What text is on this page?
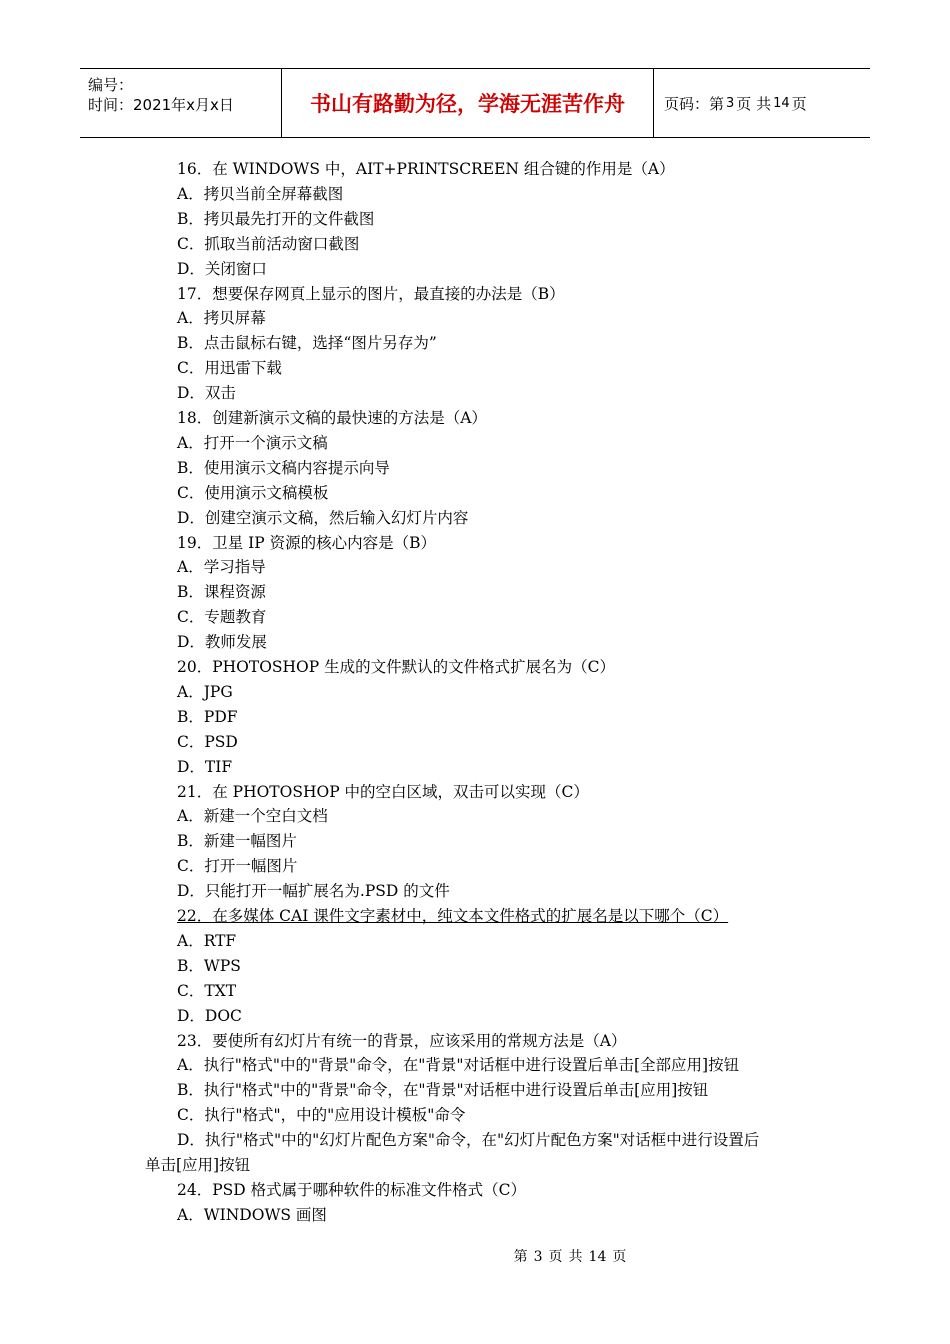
编号：
时间：2021年x月x日	书山有路勤为径，学海无涯苦作舟	页码：第 3 页 共 14 页
16．在 WINDOWS 中，AIT+PRINTSCREEN 组合键的作用是（A）
A．拷贝当前全屏幕截图
B．拷贝最先打开的文件截图
C．抓取当前活动窗口截图
D．关闭窗口
17．想要保存网頁上显示的图片，最直接的办法是（B）
A．拷贝屏幕
B．点击鼠标右键，选择“图片另存为”
C．用迅雷下载
D．双击
18．创建新演示文稿的最快速的方法是（A）
A．打开一个演示文稿
B．使用演示文稿内容提示向导
C．使用演示文稿模板
D．创建空演示文稿，然后输入幻灯片内容
19．卫星 IP 资源的核心内容是（B）
A．学习指导
B．课程资源
C．专题教育
D．教师发展
20．PHOTOSHOP 生成的文件默认的文件格式扩展名为（C）
A．JPG
B．PDF
C．PSD
D．TIF
21．在 PHOTOSHOP 中的空白区域，双击可以实现（C）
A．新建一个空白文档
B．新建一幅图片
C．打开一幅图片
D．只能打开一幅扩展名为.PSD 的文件
22．在多媒体 CAI 课件文字素材中，纯文本文件格式的扩展名是以下哪个（C）
A．RTF
B．WPS
C．TXT
D．DOC
23．要使所有幻灯片有统一的背景，应该采用的常规方法是（A）
A．执行"格式"中的"背景"命令，在"背景"对话框中进行设置后单击[全部应用]按钮
B．执行"格式"中的"背景"命令，在"背景"对话框中进行设置后单击[应用]按钮
C．执行"格式"，中的"应用设计模板"命令
D．执行"格式"中的"幻灯片配色方案"命令，在"幻灯片配色方案"对话框中进行设置后
单击[应用]按钮
24．PSD 格式属于哪种软件的标准文件格式（C）
A．WINDOWS 画图
第 3 页 共 14 页
